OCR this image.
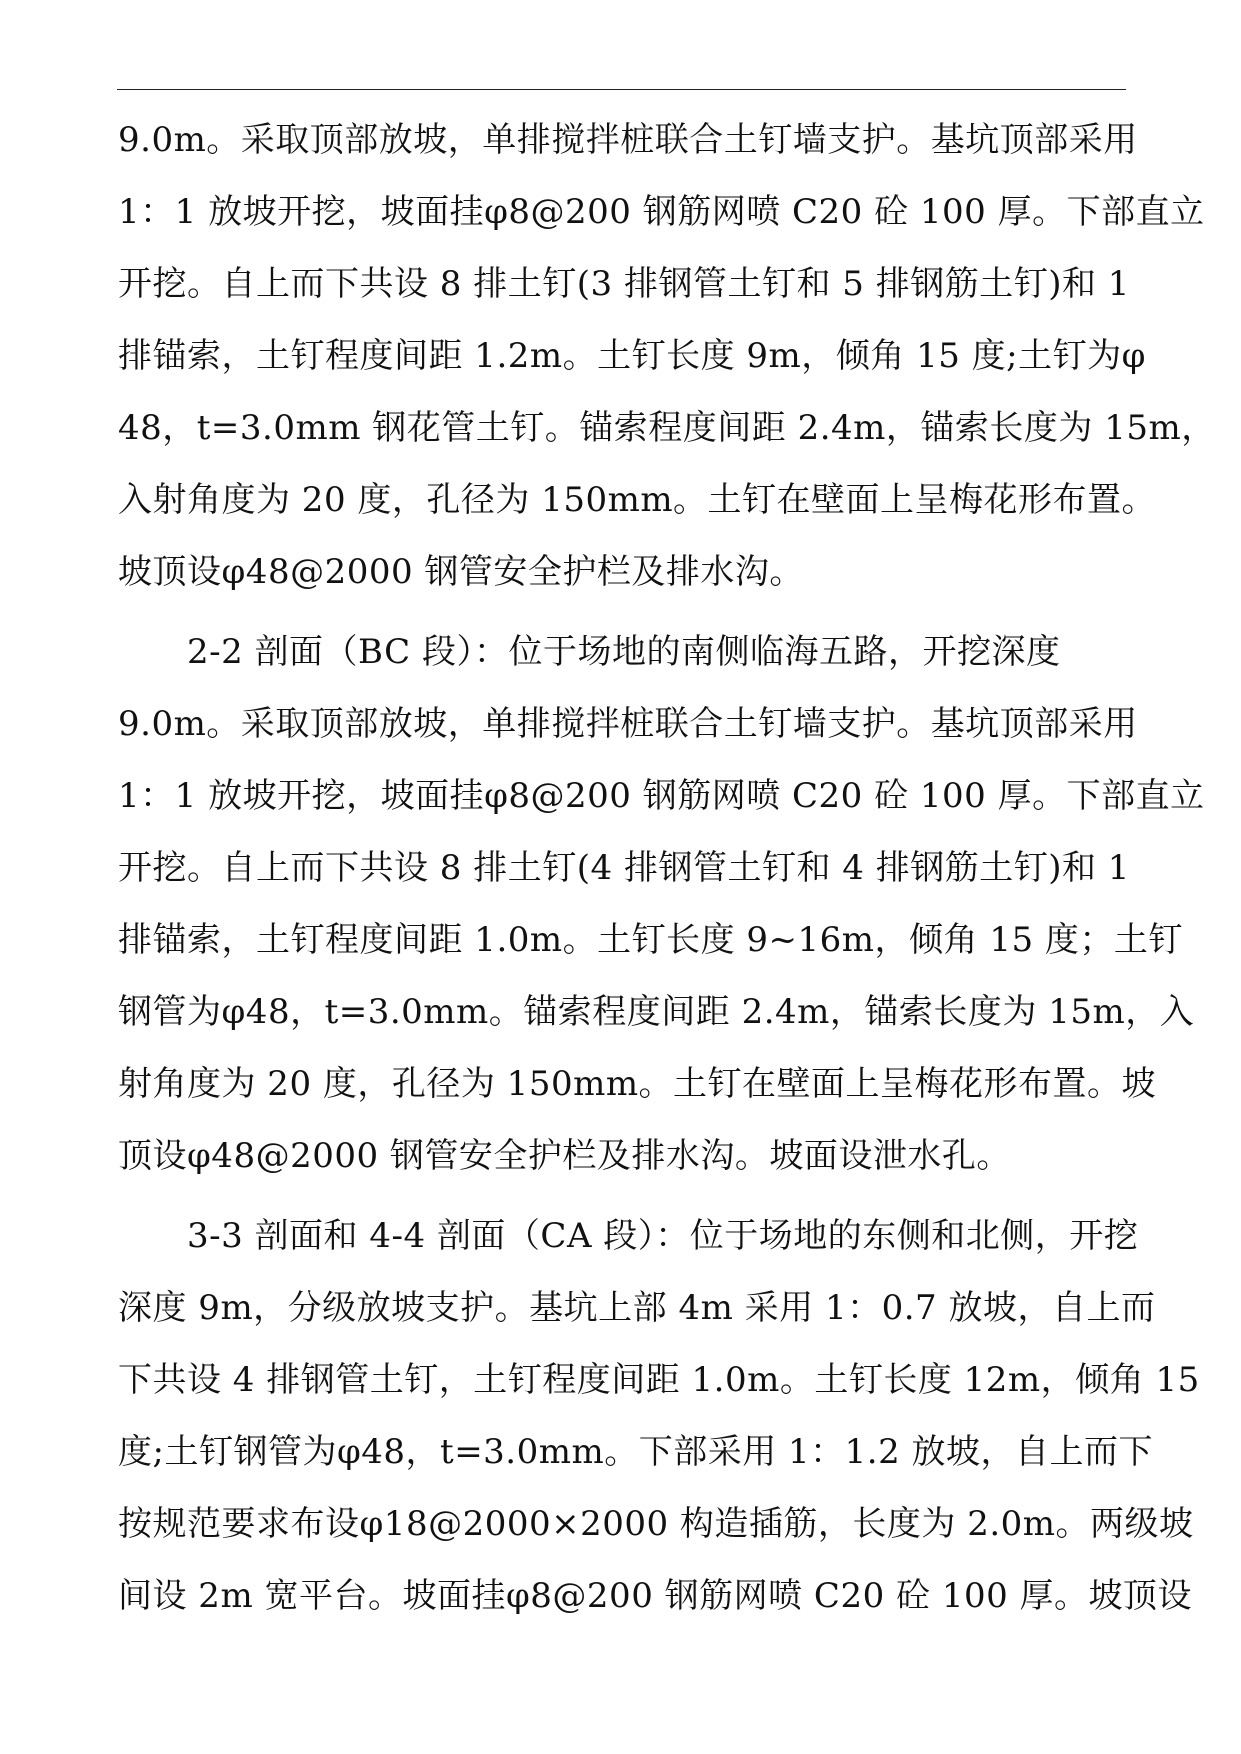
9.0m。采取顶部放坡，单排搅拌桩联合土钉墙支护。基坑顶部采用
1：1 放坡开挖，坡面挂φ8@200 钢筋网喷 C20 砼 100 厚。下部直立
开挖。自上而下共设 8 排土钉(3 排钢管土钉和 5 排钢筋土钉)和 1
排锚索，土钉程度间距 1.2m。土钉长度 9m，倾角 15 度;土钉为φ
48，t=3.0mm 钢花管土钉。锚索程度间距 2.4m，锚索长度为 15m，
入射角度为 20 度，孔径为 150mm。土钉在壁面上呈梅花形布置。
坡顶设φ48@2000 钢管安全护栏及排水沟。
　　2-2 剖面（BC 段）：位于场地的南侧临海五路，开挖深度
9.0m。采取顶部放坡，单排搅拌桩联合土钉墙支护。基坑顶部采用
1：1 放坡开挖，坡面挂φ8@200 钢筋网喷 C20 砼 100 厚。下部直立
开挖。自上而下共设 8 排土钉(4 排钢管土钉和 4 排钢筋土钉)和 1
排锚索，土钉程度间距 1.0m。土钉长度 9~16m，倾角 15 度；土钉
钢管为φ48，t=3.0mm。锚索程度间距 2.4m，锚索长度为 15m，入
射角度为 20 度，孔径为 150mm。土钉在壁面上呈梅花形布置。坡
顶设φ48@2000 钢管安全护栏及排水沟。坡面设泄水孔。
　　3-3 剖面和 4-4 剖面（CA 段）：位于场地的东侧和北侧，开挖
深度 9m，分级放坡支护。基坑上部 4m 采用 1：0.7 放坡，自上而
下共设 4 排钢管土钉，土钉程度间距 1.0m。土钉长度 12m，倾角 15
度;土钉钢管为φ48，t=3.0mm。下部采用 1：1.2 放坡，自上而下
按规范要求布设φ18@2000×2000 构造插筋，长度为 2.0m。两级坡
间设 2m 宽平台。坡面挂φ8@200 钢筋网喷 C20 砼 100 厚。坡顶设
